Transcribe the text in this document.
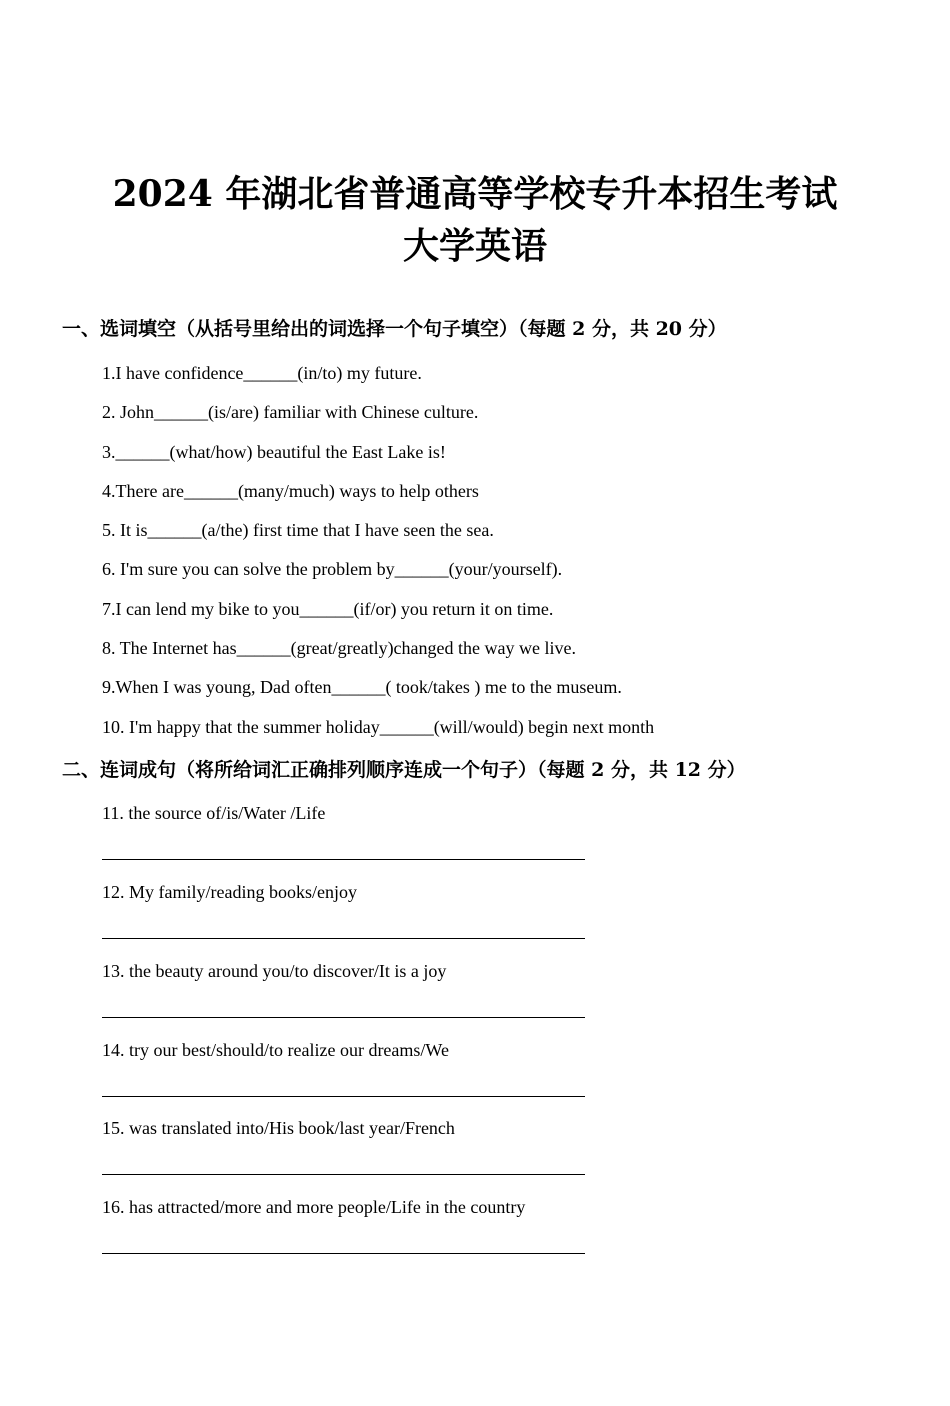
2024 年湖北省普通高等学校专升本招生考试
大学英语

一、选词填空（从括号里给出的词选择一个句子填空）（每题 2 分，共 20 分）

1.I have confidence______(in/to) my future.

2. John______(is/are) familiar with Chinese culture.

3.______(what/how) beautiful the East Lake is!

4.There are______(many/much) ways to help others

5. It is______(a/the) first time that I have seen the sea.

6. I'm sure you can solve the problem by______(your/yourself).

7.I can lend my bike to you______(if/or) you return it on time.

8. The Internet has______(great/greatly)changed the way we live.

9.When I was young, Dad often______( took/takes ) me to the museum.

10. I'm happy that the summer holiday______(will/would) begin next month

二、连词成句（将所给词汇正确排列顺序连成一个句子）（每题 2 分，共 12 分）

11. the source of/is/Water /Life

12. My family/reading books/enjoy

13. the beauty around you/to discover/It is a joy

14. try our best/should/to realize our dreams/We

15. was translated into/His book/last year/French

16. has attracted/more and more people/Life in the country
